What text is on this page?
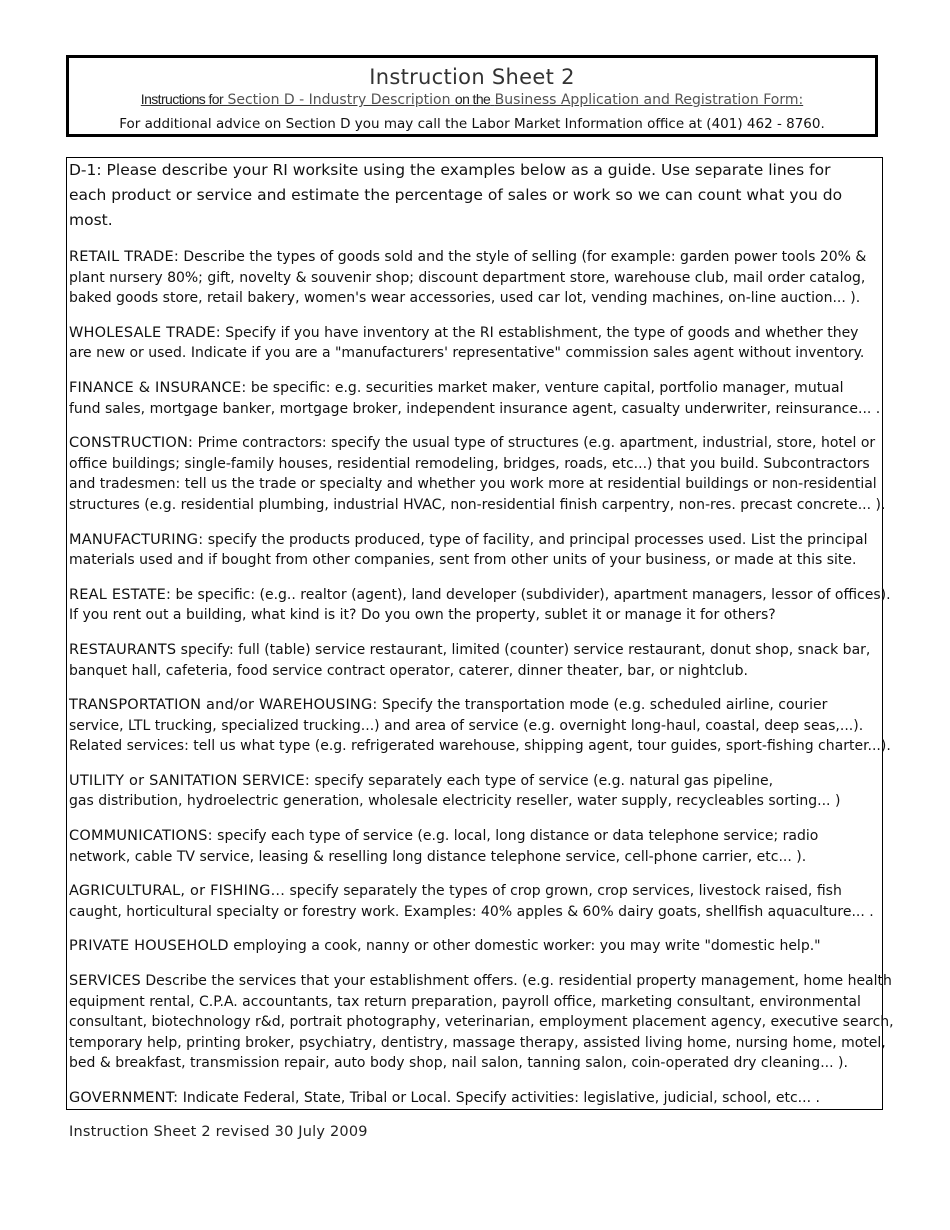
Instruction Sheet 2
Instructions for Section D - Industry Description on the Business Application and Registration Form:
For additional advice on Section D you may call the Labor Market Information office at (401) 462 - 8760.
D-1: Please describe your RI worksite using the examples below as a guide. Use separate lines for
each product or service and estimate the percentage of sales or work so we can count what you do most.
RETAIL TRADE: Describe the types of goods sold and the style of selling (for example: garden power tools 20% &
plant nursery 80%; gift, novelty & souvenir shop; discount department store, warehouse club, mail order catalog,
baked goods store, retail bakery, women's wear accessories, used car lot, vending machines, on-line auction... ).
WHOLESALE TRADE: Specify if you have inventory at the RI establishment, the type of goods and whether they
are new or used. Indicate if you are a "manufacturers' representative" commission sales agent without inventory.
FINANCE & INSURANCE: be specific: e.g. securities market maker, venture capital, portfolio manager, mutual
fund sales, mortgage banker, mortgage broker, independent insurance agent, casualty underwriter, reinsurance... .
CONSTRUCTION: Prime contractors: specify the usual type of structures (e.g. apartment, industrial, store, hotel or
office buildings; single-family houses, residential remodeling, bridges, roads, etc...) that you build. Subcontractors
and tradesmen: tell us the trade or specialty and whether you work more at residential buildings or non-residential
structures (e.g. residential plumbing, industrial HVAC, non-residential finish carpentry, non-res. precast concrete... ).
MANUFACTURING: specify the products produced, type of facility, and principal processes used. List the principal
materials used and if bought from other companies, sent from other units of your business, or made at this site.
REAL ESTATE: be specific: (e.g.. realtor (agent), land developer (subdivider), apartment managers, lessor of offices).
If you rent out a building, what kind is it? Do you own the property, sublet it or manage it for others?
RESTAURANTS specify: full (table) service restaurant, limited (counter) service restaurant, donut shop, snack bar,
banquet hall, cafeteria, food service contract operator, caterer, dinner theater, bar, or nightclub.
TRANSPORTATION and/or WAREHOUSING: Specify the transportation mode (e.g. scheduled airline, courier
service, LTL trucking, specialized trucking...) and area of service (e.g. overnight long-haul, coastal, deep seas,...).
Related services: tell us what type (e.g. refrigerated warehouse, shipping agent, tour guides, sport-fishing charter...).
UTILITY or SANITATION SERVICE: specify separately each type of service (e.g. natural gas pipeline,
gas distribution, hydroelectric generation, wholesale electricity reseller, water supply, recycleables sorting... )
COMMUNICATIONS: specify each type of service (e.g. local, long distance or data telephone service; radio
network, cable TV service, leasing & reselling long distance telephone service, cell-phone carrier, etc... ).
AGRICULTURAL, or FISHING... specify separately the types of crop grown, crop services, livestock raised, fish
caught, horticultural specialty or forestry work. Examples: 40% apples & 60% dairy goats, shellfish aquaculture... .
PRIVATE HOUSEHOLD employing a cook, nanny or other domestic worker: you may write "domestic help."
SERVICES Describe the services that your establishment offers. (e.g. residential property management, home health
equipment rental, C.P.A. accountants, tax return preparation, payroll office, marketing consultant, environmental
consultant, biotechnology r&d, portrait photography, veterinarian, employment placement agency, executive search,
temporary help, printing broker, psychiatry, dentistry, massage therapy, assisted living home, nursing home, motel,
bed & breakfast, transmission repair, auto body shop, nail salon, tanning salon, coin-operated dry cleaning... ).
GOVERNMENT: Indicate Federal, State, Tribal or Local. Specify activities: legislative, judicial, school, etc... .
Instruction Sheet 2 revised 30 July 2009
